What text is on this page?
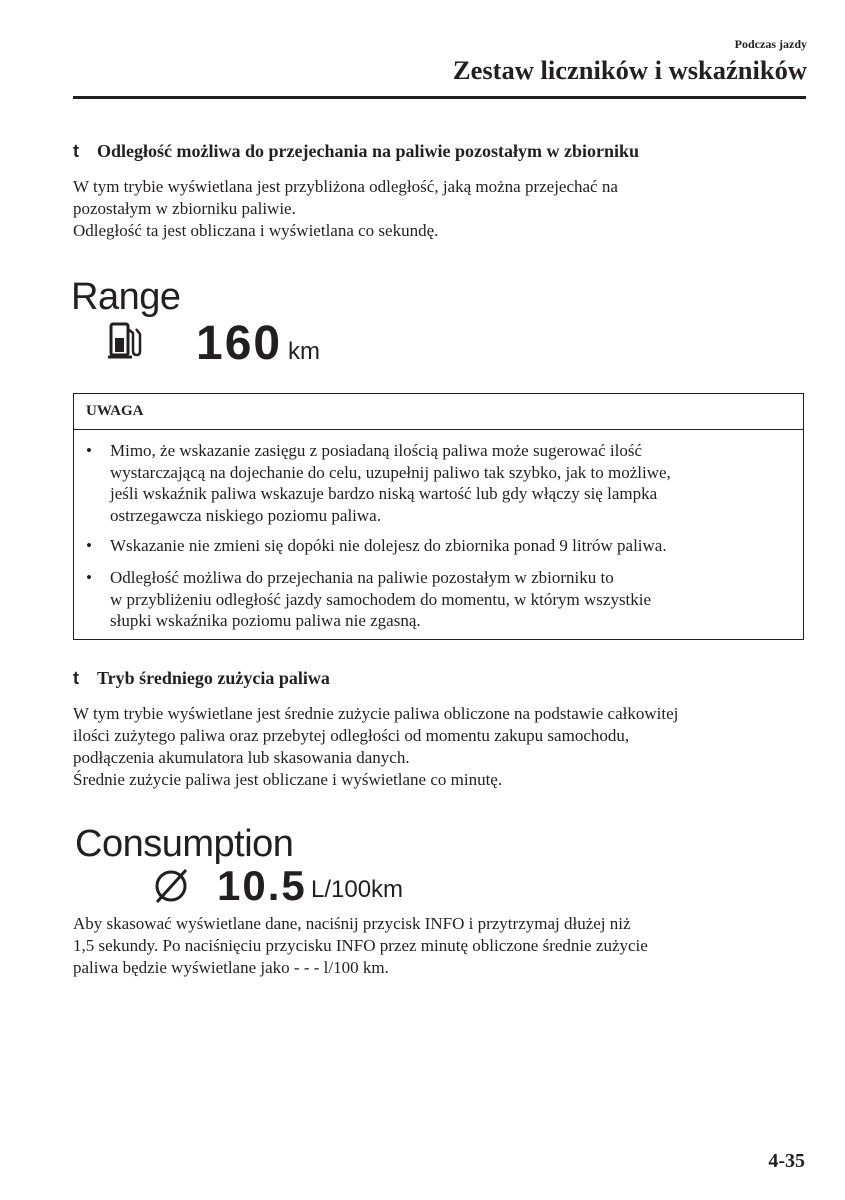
Podczas jazdy
Zestaw liczników i wskaźników
t Odległość możliwa do przejechania na paliwie pozostałym w zbiorniku

W tym trybie wyświetlana jest przybliżona odległość, jaką można przejechać na

pozostałym w zbiorniku paliwie.

Odległość ta jest obliczana i wyświetlana co sekundę.

Range
160 km
UWAGA
• Mimo, że wskazanie zasięgu z posiadaną ilością paliwa może sugerować ilość
wystarczającą na dojechanie do celu, uzupełnij paliwo tak szybko, jak to możliwe,
jeśli wskaźnik paliwa wskazuje bardzo niską wartość lub gdy włączy się lampka
ostrzegawcza niskiego poziomu paliwa.
• Wskazanie nie zmieni się dopóki nie dolejesz do zbiornika ponad 9 litrów paliwa.
• Odległość możliwa do przejechania na paliwie pozostałym w zbiorniku to
w przybliżeniu odległość jazdy samochodem do momentu, w którym wszystkie
słupki wskaźnika poziomu paliwa nie zgasną.
t Tryb średniego zużycia paliwa

W tym trybie wyświetlane jest średnie zużycie paliwa obliczone na podstawie całkowitej

ilości zużytego paliwa oraz przebytej odległości od momentu zakupu samochodu,

podłączenia akumulatora lub skasowania danych.

Średnie zużycie paliwa jest obliczane i wyświetlane co minutę.

Consumption
10.5 L/100km

Aby skasować wyświetlane dane, naciśnij przycisk INFO i przytrzymaj dłużej niż

1,5 sekundy. Po naciśnięciu przycisku INFO przez minutę obliczone średnie zużycie

paliwa będzie wyświetlane jako - - - l/100 km.

4-35
